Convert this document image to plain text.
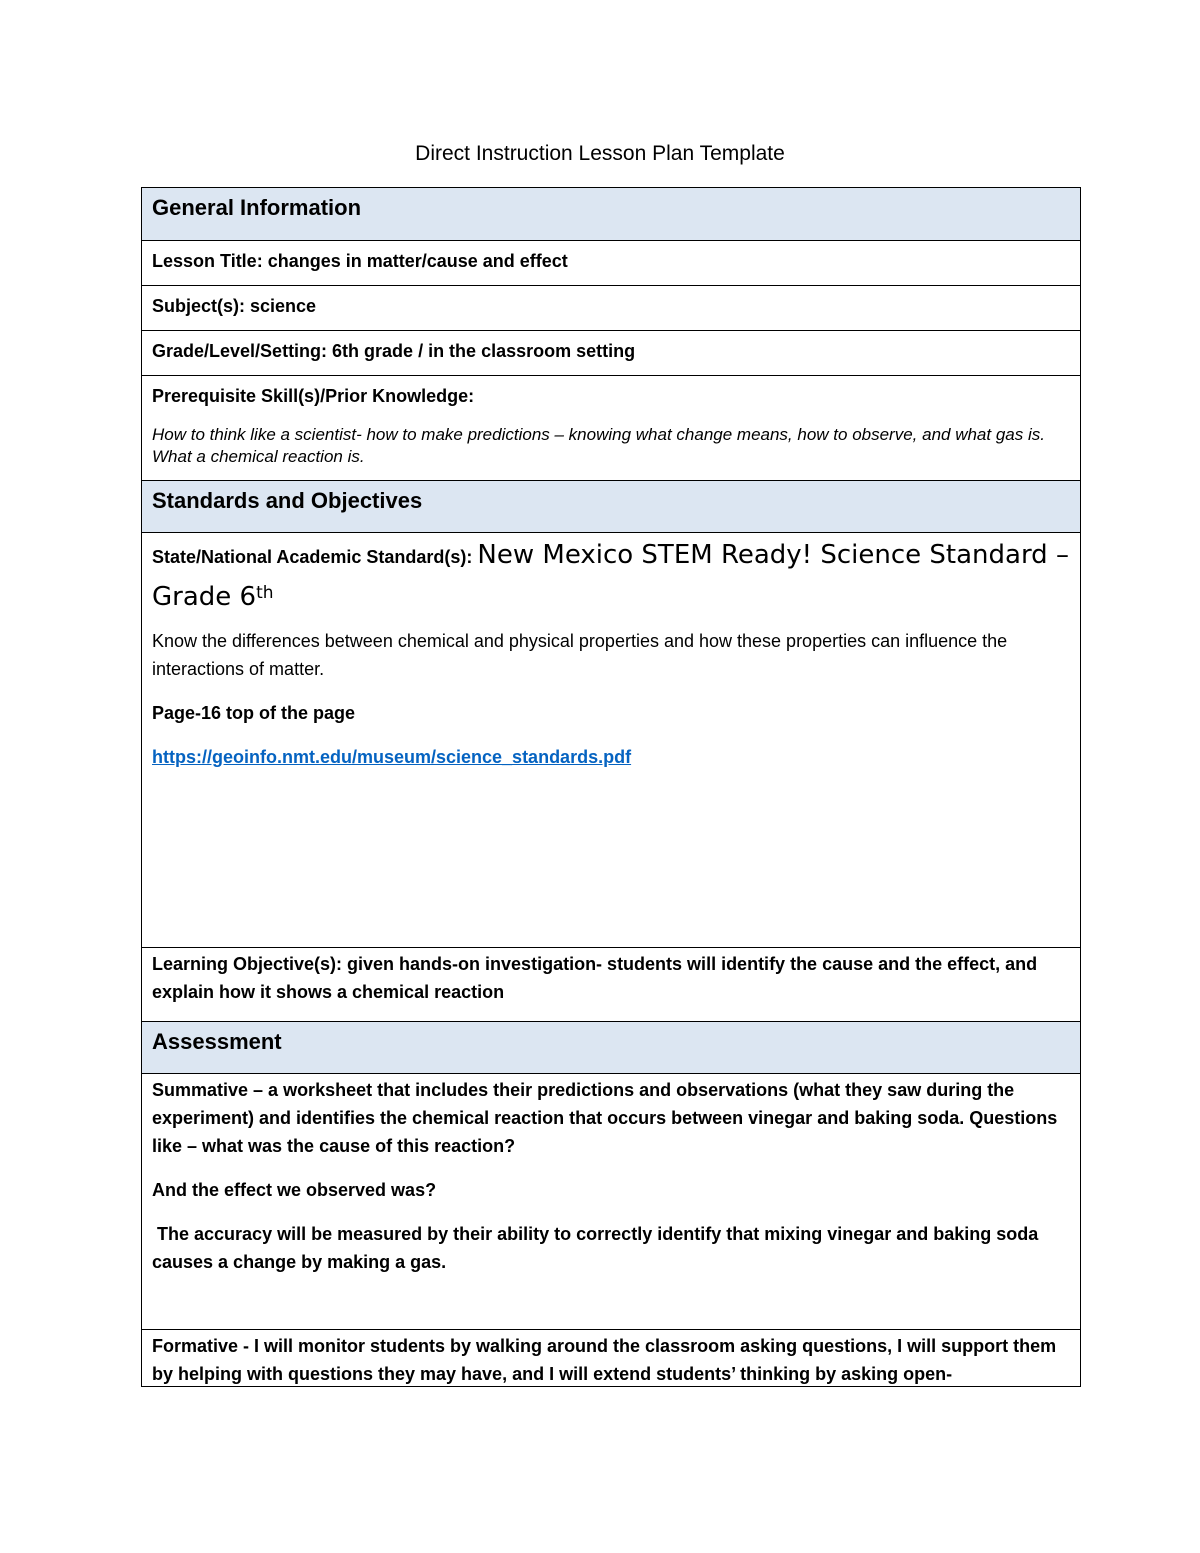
Direct Instruction Lesson Plan Template
General Information
Lesson Title: changes in matter/cause and effect
Subject(s): science
Grade/Level/Setting: 6th grade / in the classroom setting
Prerequisite Skill(s)/Prior Knowledge:
How to think like a scientist- how to make predictions – knowing what change means, how to observe, and what gas is. What a chemical reaction is.
Standards and Objectives
State/National Academic Standard(s): New Mexico STEM Ready! Science Standard – Grade 6th
Know the differences between chemical and physical properties and how these properties can influence the interactions of matter.
Page-16 top of the page
https://geoinfo.nmt.edu/museum/science_standards.pdf
Learning Objective(s): given hands-on investigation- students will identify the cause and the effect, and explain how it shows a chemical reaction
Assessment

Summative – a worksheet that includes their predictions and observations (what they saw during the experiment) and identifies the chemical reaction that occurs between vinegar and baking soda. Questions like – what was the cause of this reaction?

And the effect we observed was?

The accuracy will be measured by their ability to correctly identify that mixing vinegar and baking soda causes a change by making a gas.

Formative - I will monitor students by walking around the classroom asking questions, I will support them by helping with questions they may have, and I will extend students’ thinking by asking open-
